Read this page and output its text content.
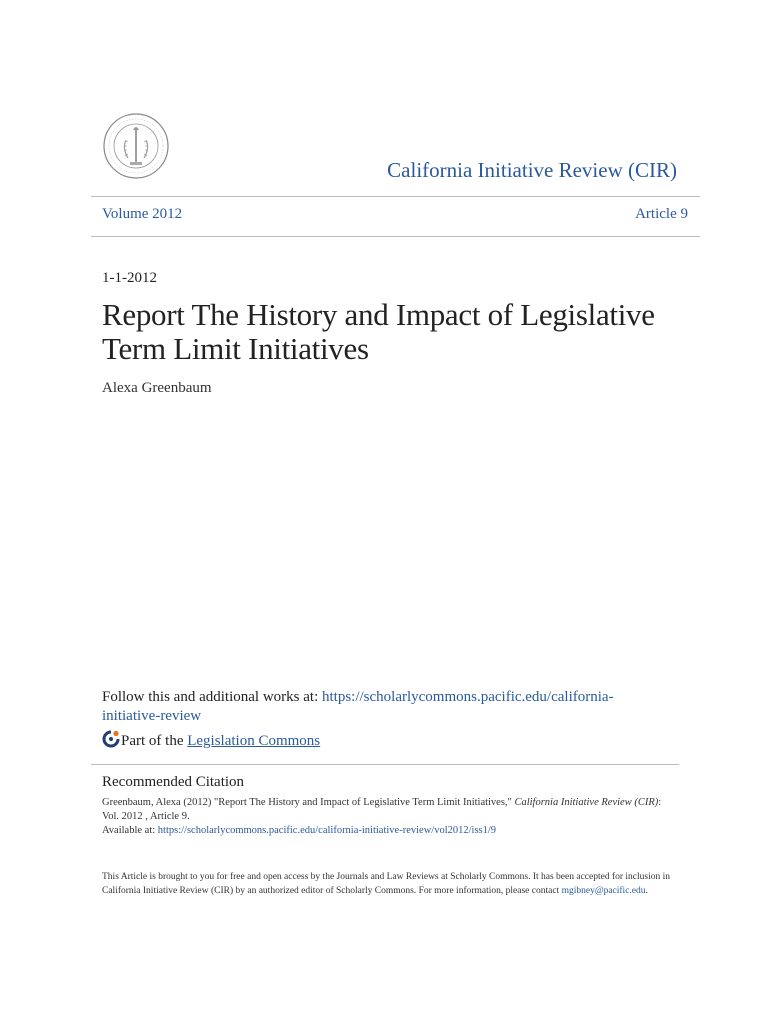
California Initiative Review (CIR)
Volume 2012	Article 9
1-1-2012
Report The History and Impact of Legislative Term Limit Initiatives
Alexa Greenbaum
Follow this and additional works at: https://scholarlycommons.pacific.edu/california-initiative-review
Part of the Legislation Commons
Recommended Citation
Greenbaum, Alexa (2012) "Report The History and Impact of Legislative Term Limit Initiatives," California Initiative Review (CIR): Vol. 2012 , Article 9.
Available at: https://scholarlycommons.pacific.edu/california-initiative-review/vol2012/iss1/9
This Article is brought to you for free and open access by the Journals and Law Reviews at Scholarly Commons. It has been accepted for inclusion in California Initiative Review (CIR) by an authorized editor of Scholarly Commons. For more information, please contact mgibney@pacific.edu.
